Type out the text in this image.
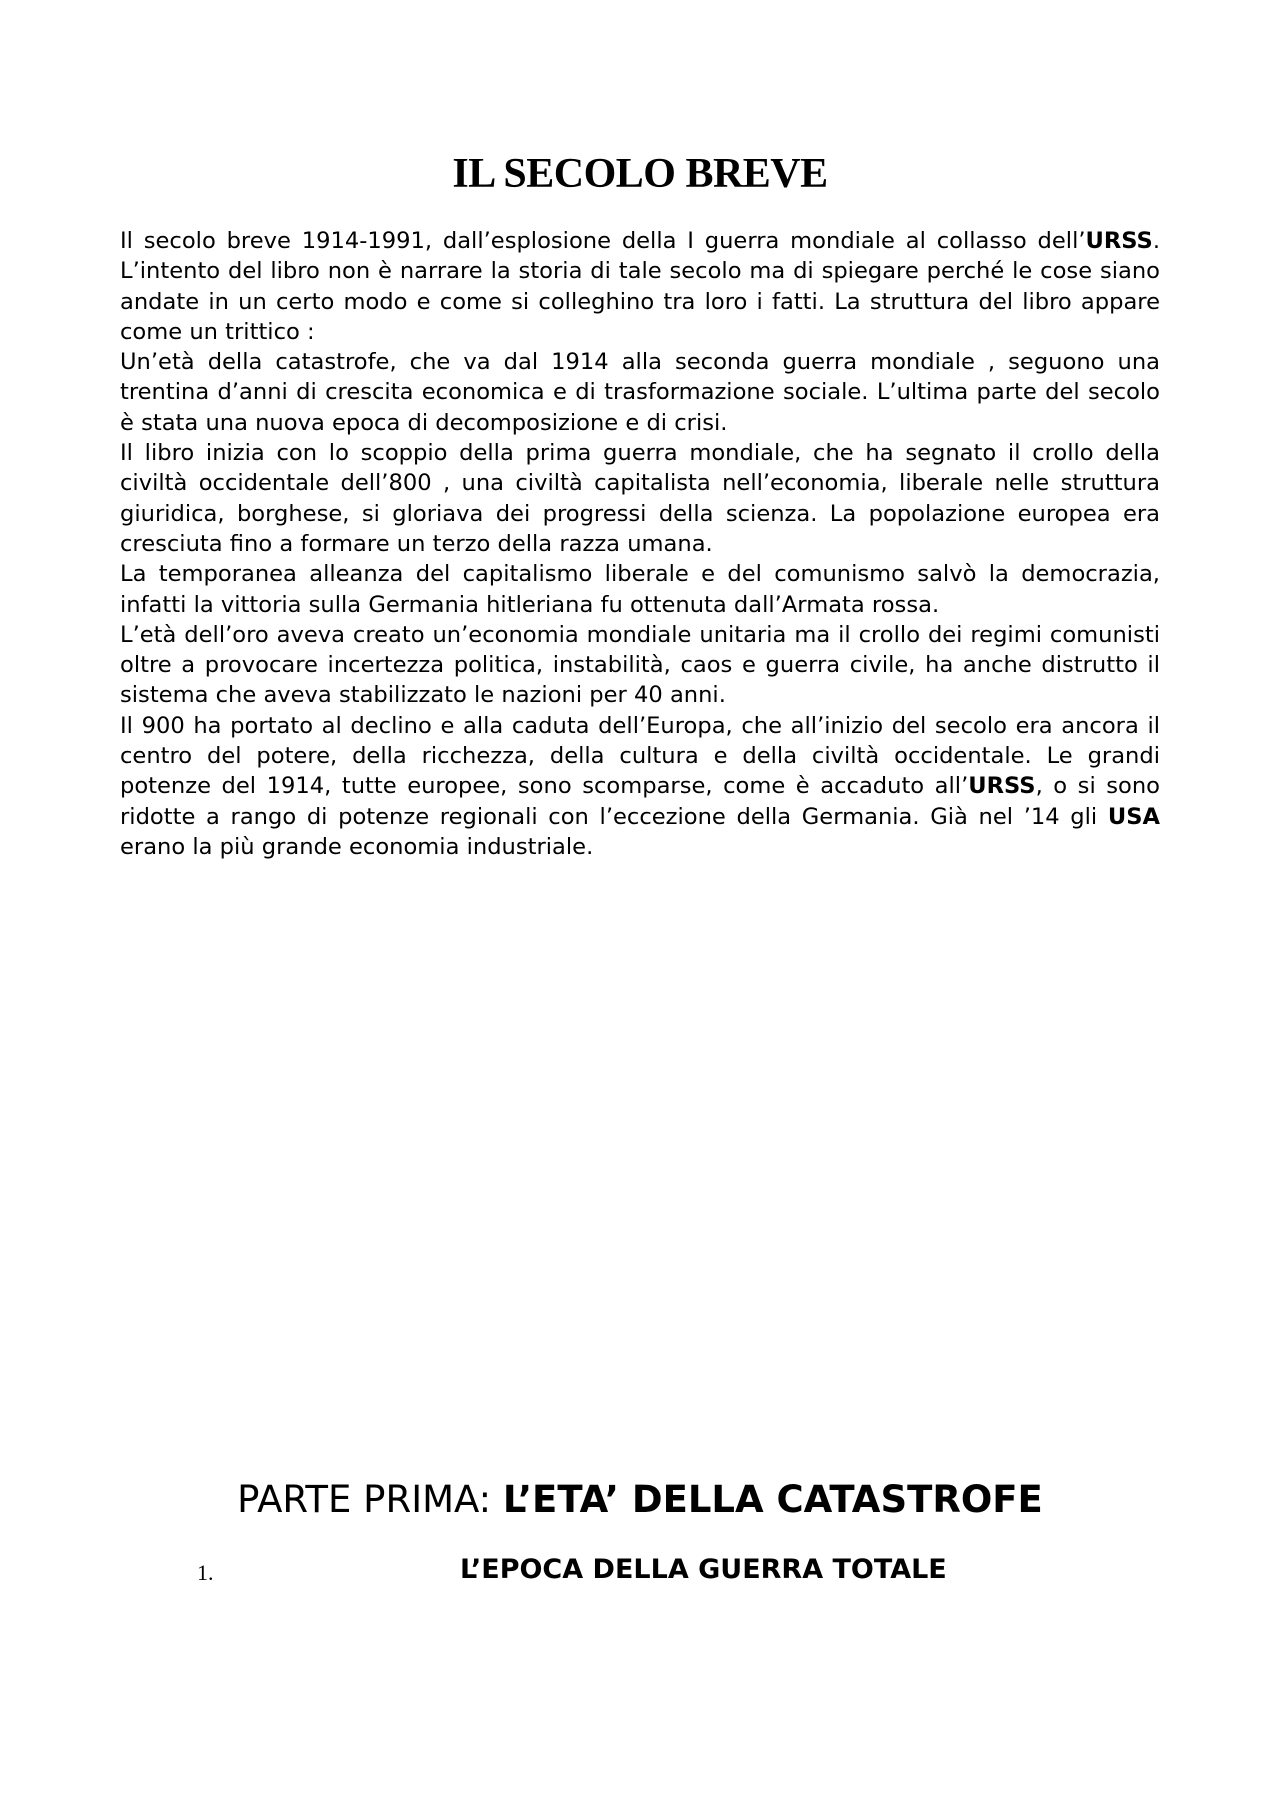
IL SECOLO BREVE

Il secolo breve 1914-1991, dall’esplosione della I guerra mondiale al collasso dell’URSS. L’intento del libro non è narrare la storia di tale secolo ma di spiegare perché le cose siano andate in un certo modo e come si colleghino tra loro i fatti. La struttura del libro appare come un trittico :

Un’età della catastrofe, che va dal 1914 alla seconda guerra mondiale , seguono una trentina d’anni di crescita economica e di trasformazione sociale. L’ultima parte del secolo è stata una nuova epoca di decomposizione e di crisi.

Il libro inizia con lo scoppio della prima guerra mondiale, che ha segnato il crollo della civiltà occidentale dell’800 , una civiltà capitalista nell’economia, liberale nelle struttura giuridica, borghese, si gloriava dei progressi della scienza. La popolazione europea era cresciuta fino a formare un terzo della razza umana.

La temporanea alleanza del capitalismo liberale e del comunismo salvò la democrazia, infatti la vittoria sulla Germania hitleriana fu ottenuta dall’Armata rossa.

L’età dell’oro aveva creato un’economia mondiale unitaria ma il crollo dei regimi comunisti oltre a provocare incertezza politica, instabilità, caos e guerra civile, ha anche distrutto il sistema che aveva stabilizzato le nazioni per 40 anni.

Il 900 ha portato al declino e alla caduta dell’Europa, che all’inizio del secolo era ancora il centro del potere, della ricchezza, della cultura e della civiltà occidentale. Le grandi potenze del 1914, tutte europee, sono scomparse, come è accaduto all’URSS, o si sono ridotte a rango di potenze regionali con l’eccezione della Germania. Già nel ’14 gli USA erano la più grande economia industriale.

PARTE PRIMA: L’ETA’ DELLA CATASTROFE
1.	L’EPOCA DELLA GUERRA TOTALE
